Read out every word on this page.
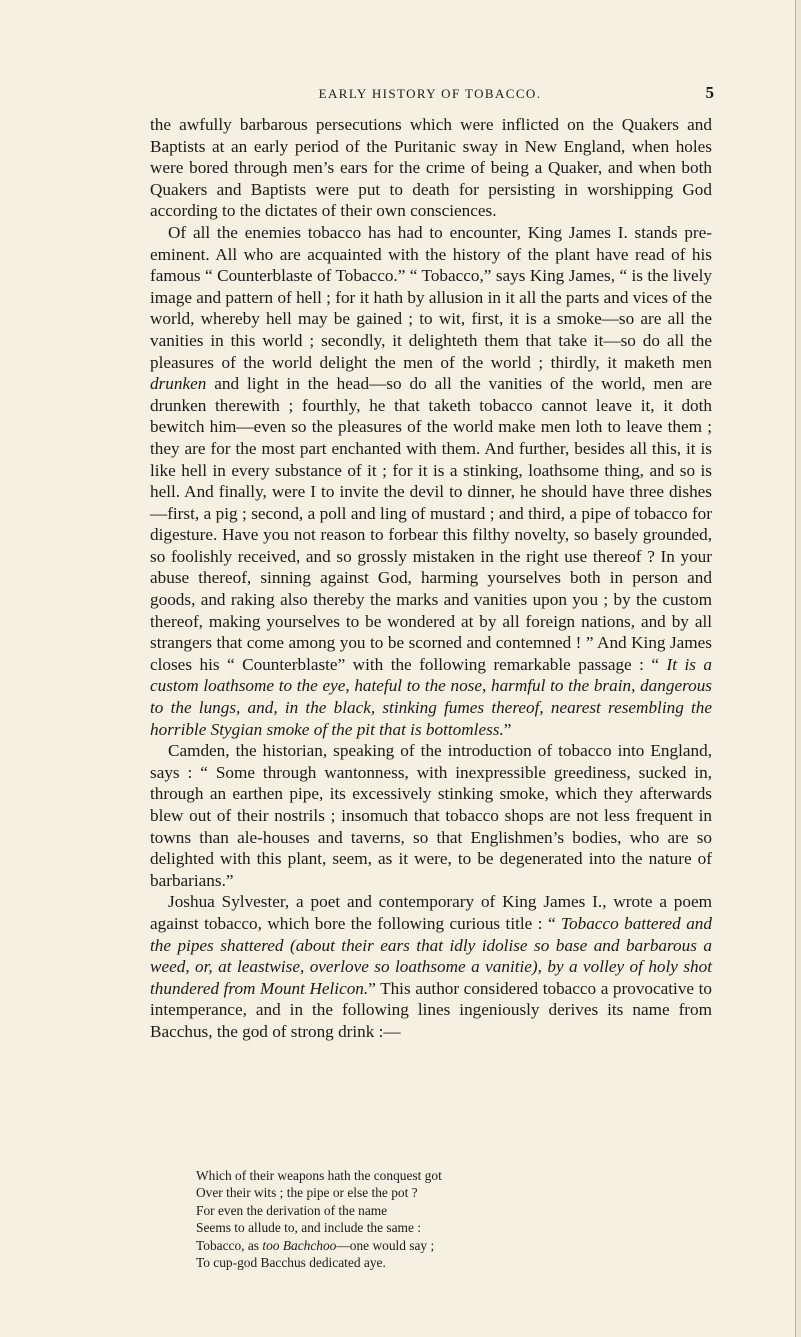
EARLY HISTORY OF TOBACCO.	5

the awfully barbarous persecutions which were inflicted on the Quakers and Baptists at an early period of the Puritanic sway in New England, when holes were bored through men’s ears for the crime of being a Quaker, and when both Quakers and Baptists were put to death for persisting in worshipping God according to the dictates of their own consciences.

Of all the enemies tobacco has had to encounter, King James I. stands pre-eminent. All who are acquainted with the history of the plant have read of his famous “ Counterblaste of Tobacco.” “ Tobacco,” says King James, “ is the lively image and pattern of hell ; for it hath by allusion in it all the parts and vices of the world, whereby hell may be gained ; to wit, first, it is a smoke—so are all the vanities in this world ; secondly, it delighteth them that take it—so do all the pleasures of the world delight the men of the world ; thirdly, it maketh men drunken and light in the head—so do all the vanities of the world, men are drunken therewith ; fourthly, he that taketh tobacco cannot leave it, it doth bewitch him—even so the pleasures of the world make men loth to leave them ; they are for the most part enchanted with them. And further, besides all this, it is like hell in every substance of it ; for it is a stinking, loathsome thing, and so is hell. And finally, were I to invite the devil to dinner, he should have three dishes—first, a pig ; second, a poll and ling of mustard ; and third, a pipe of tobacco for digesture. Have you not reason to forbear this filthy novelty, so basely grounded, so foolishly received, and so grossly mistaken in the right use thereof ? In your abuse thereof, sinning against God, harming yourselves both in person and goods, and raking also thereby the marks and vanities upon you ; by the custom thereof, making yourselves to be wondered at by all foreign nations, and by all strangers that come among you to be scorned and contemned ! ” And King James closes his “ Counterblaste” with the following remarkable passage : “ It is a custom loathsome to the eye, hateful to the nose, harmful to the brain, dangerous to the lungs, and, in the black, stinking fumes thereof, nearest resembling the horrible Stygian smoke of the pit that is bottomless.”

Camden, the historian, speaking of the introduction of tobacco into England, says : “ Some through wantonness, with inexpressible greediness, sucked in, through an earthen pipe, its excessively stinking smoke, which they afterwards blew out of their nostrils ; insomuch that tobacco shops are not less frequent in towns than ale-houses and taverns, so that Englishmen’s bodies, who are so delighted with this plant, seem, as it were, to be degenerated into the nature of barbarians.”

Joshua Sylvester, a poet and contemporary of King James I., wrote a poem against tobacco, which bore the following curious title : “ Tobacco battered and the pipes shattered (about their ears that idly idolise so base and barbarous a weed, or, at leastwise, overlove so loathsome a vanitie), by a volley of holy shot thundered from Mount Helicon.” This author considered tobacco a provocative to intemperance, and in the following lines ingeniously derives its name from Bacchus, the god of strong drink :—

Which of their weapons hath the conquest got
Over their wits ; the pipe or else the pot ?
For even the derivation of the name
Seems to allude to, and include the same :
Tobacco, as too Bachchoo—one would say ;
To cup-god Bacchus dedicated aye.
